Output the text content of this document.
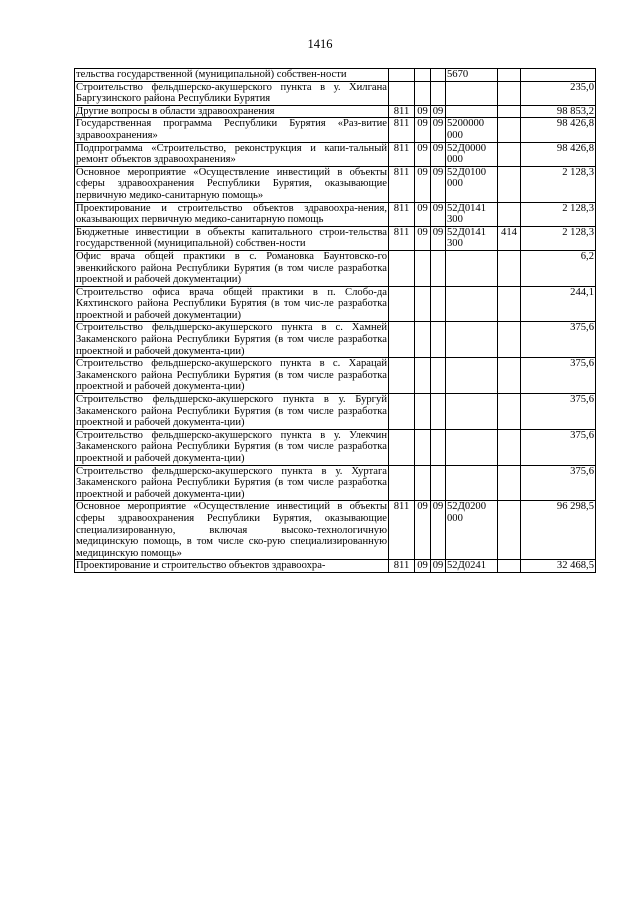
1416
тельства государственной (муниципальной) собствен-ности				5670		
Строительство фельдшерско-акушерского пункта в у. Хилгана Баргузинского района Республики Бурятия						235,0
Другие вопросы в области здравоохранения	811	09	09			98 853,2
Государственная программа Республики Бурятия «Раз-витие здравоохранения»	811	09	09	5200000 000		98 426,8
Подпрограмма «Строительство, реконструкция и капи-тальный ремонт объектов здравоохранения»	811	09	09	52Д0000 000		98 426,8
Основное мероприятие «Осуществление инвестиций в объекты сферы здравоохранения Республики Бурятия, оказывающие первичную медико-санитарную помощь»	811	09	09	52Д0100 000		2 128,3
Проектирование и строительство объектов здравоохра-нения, оказывающих первичную медико-санитарную помощь	811	09	09	52Д0141 300		2 128,3
Бюджетные инвестиции в объекты капитального строи-тельства государственной (муниципальной) собствен-ности	811	09	09	52Д0141 300	414	2 128,3
Офис врача общей практики в с. Романовка Баунтовско-го эвенкийского района Республики Бурятия (в том числе разработка проектной и рабочей документации)						6,2
Строительство офиса врача общей практики в п. Слобо-да Кяхтинского района Республики Бурятия (в том чис-ле разработка проектной и рабочей документации)						244,1
Строительство фельдшерско-акушерского пункта в с. Хамней Закаменского района Республики Бурятия (в том числе разработка проектной и рабочей документа-ции)						375,6
Строительство фельдшерско-акушерского пункта в с. Харацай Закаменского района Республики Бурятия (в том числе разработка проектной и рабочей документа-ции)						375,6
Строительство фельдшерско-акушерского пункта в у. Бургуй Закаменского района Республики Бурятия (в том числе разработка проектной и рабочей документа-ции)						375,6
Строительство фельдшерско-акушерского пункта в у. Улекчин Закаменского района Республики Бурятия (в том числе разработка проектной и рабочей документа-ции)						375,6
Строительство фельдшерско-акушерского пункта в у. Хуртага Закаменского района Республики Бурятия (в том числе разработка проектной и рабочей документа-ции)						375,6
Основное мероприятие «Осуществление инвестиций в объекты сферы здравоохранения Республики Бурятия, оказывающие специализированную, включая высоко-технологичную медицинскую помощь, в том числе ско-рую специализированную медицинскую помощь»	811	09	09	52Д0200 000		96 298,5
Проектирование и строительство объектов здравоохра-	811	09	09	52Д0241		32 468,5
